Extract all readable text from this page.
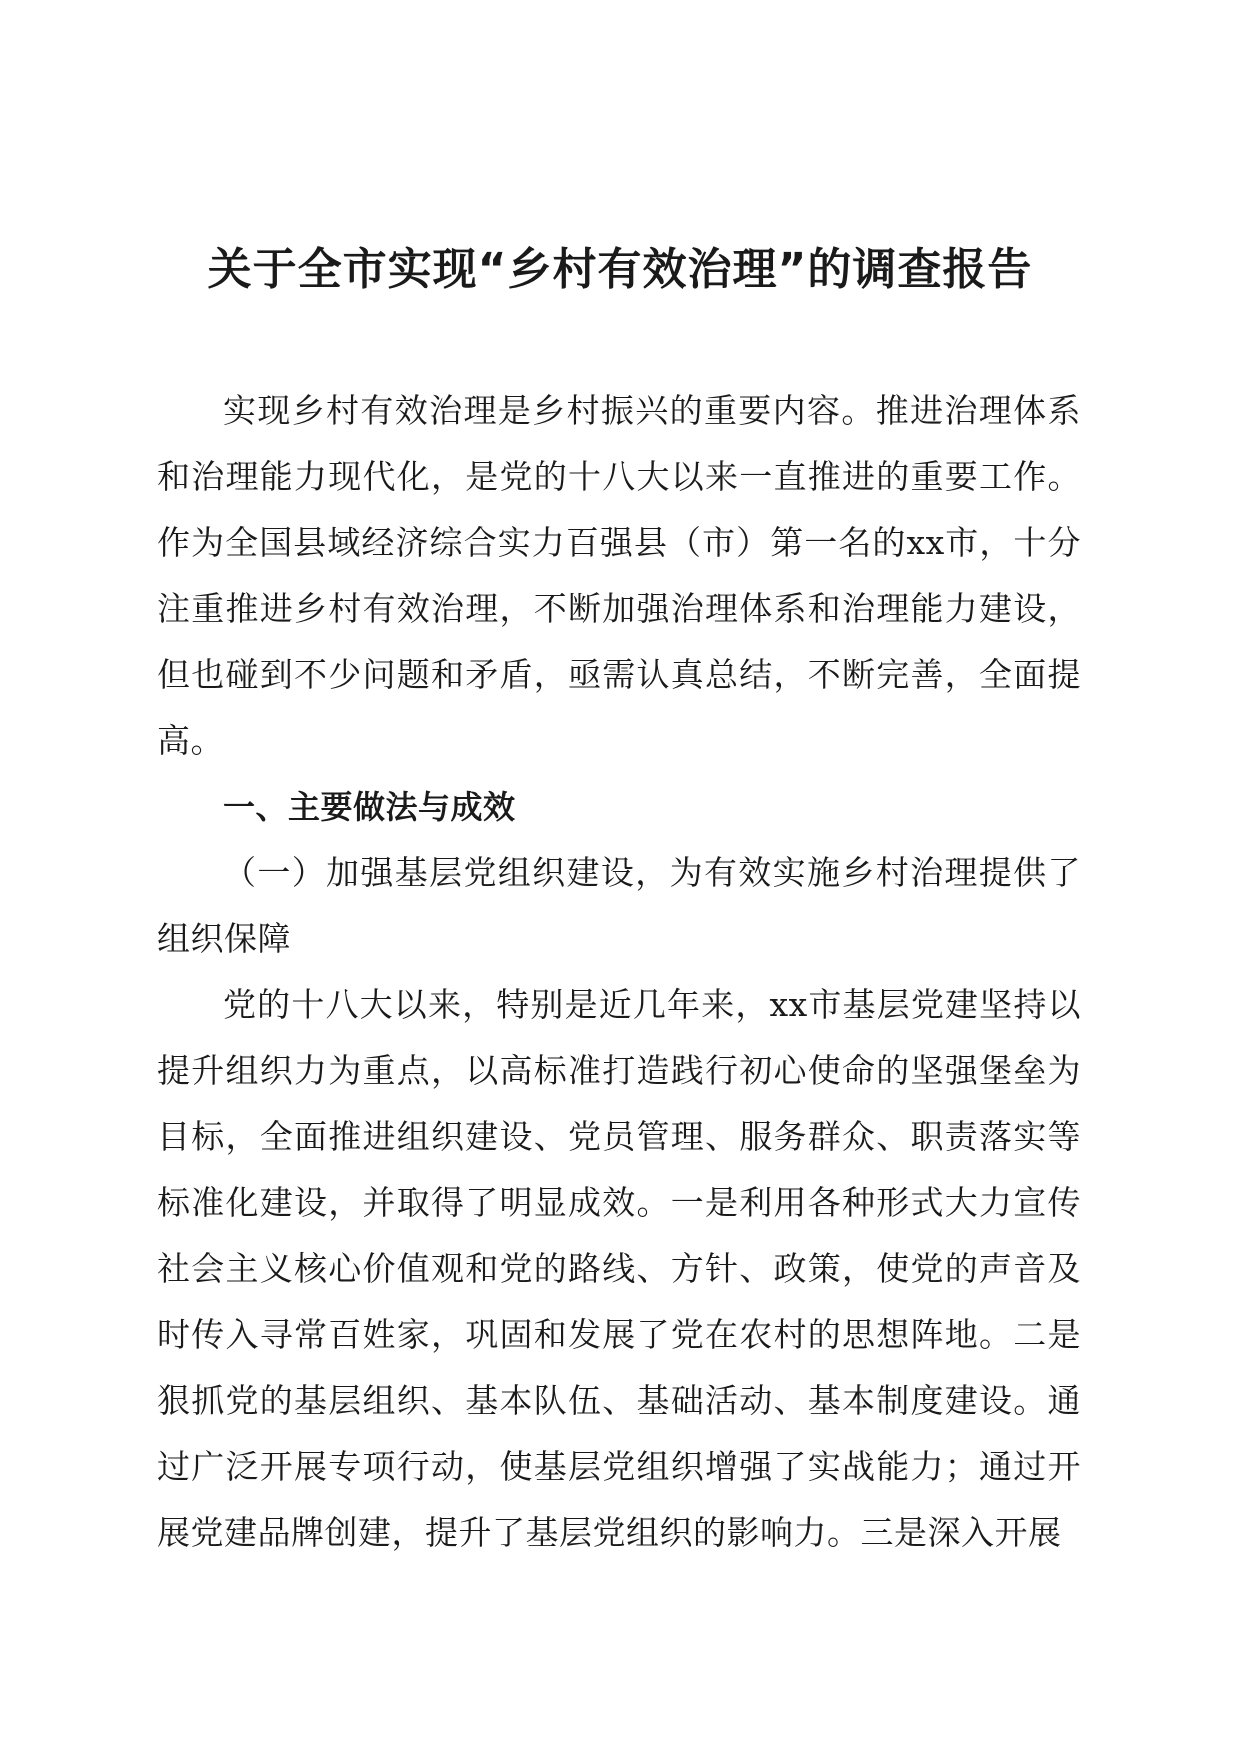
关于全市实现“乡村有效治理”的调查报告

实现乡村有效治理是乡村振兴的重要内容。推进治理体系和治理能力现代化，是党的十八大以来一直推进的重要工作。作为全国县域经济综合实力百强县（市）第一名的xx市，十分注重推进乡村有效治理，不断加强治理体系和治理能力建设，但也碰到不少问题和矛盾，亟需认真总结，不断完善，全面提高。

一、主要做法与成效

（一）加强基层党组织建设，为有效实施乡村治理提供了组织保障

党的十八大以来，特别是近几年来，xx市基层党建坚持以提升组织力为重点，以高标准打造践行初心使命的坚强堡垒为目标，全面推进组织建设、党员管理、服务群众、职责落实等标准化建设，并取得了明显成效。一是利用各种形式大力宣传社会主义核心价值观和党的路线、方针、政策，使党的声音及时传入寻常百姓家，巩固和发展了党在农村的思想阵地。二是狠抓党的基层组织、基本队伍、基础活动、基本制度建设。通过广泛开展专项行动，使基层党组织增强了实战能力；通过开展党建品牌创建，提升了基层党组织的影响力。三是深入开展
